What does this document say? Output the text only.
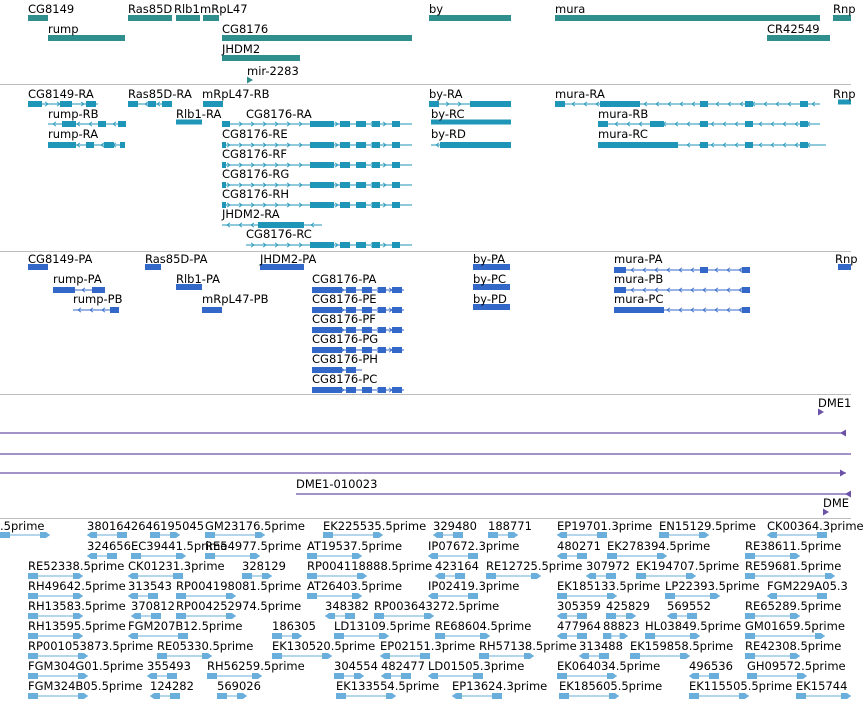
CG8149	Ras85D Rlb1 mRpL47	by	mura	Rnp
rump	CG8176	CR42549
JHDM2
mir-2283
CG8149-RA	Ras85D-RA mRpL47-RB	by-RA	mura-RA	Rnp
rump-RB	Rlb1-RA CG8176-RA	by-RC	mura-RB
rump-RA	CG8176-RE	by-RD	mura-RC
CG8176-RF
CG8176-RG
CG8176-RH
JHDM2-RA
CG8176-RC
CG8149-PA	Ras85D-PA	JHDM2-PA	by-PA	mura-PA	Rnp
rump-PA	Rlb1-PA	CG8176-PA	by-PC	mura-PB
rump-PB	mRpL47-PB	CG8176-PE	by-PD	mura-PC
CG8176-PF
CG8176-PG
CG8176-PH
CG8176-PC
DME1
DME1-010023
DME
.5prime	3801642646195045 GM23176.5prime EK225535.5prime 329480 188771 EP19701.3prime EN15129.5prime CK00364.3prime
324656 EC39441.5prime
RE54977.5prime AT19537.5prime IP07672.3prime	480271 EK278394.5prime	RE38611.5prime
RE52338.5prime CK01231.3prime 328129 RP004118888.5prime 423164 RE12725.5prime 307972 EK194707.5prime RE59681.5prime
RH49642.5prime 313543 RP004198081.5prime AT26403.5prime IP02419.3prime	EK185133.5prime LP22393.5prime FGM229A05.3
RH13583.5prime 370812 RP004252974.5prime 348382 RP003643272.5prime	305359 425829 569552	RE65289.5prime
RH13595.5prime FGM207B12.5prime	186305 LD13109.5prime RE68604.5prime 477964 88823 HL03849.5prime GM01659.5prime
RP001053873.5prime RE05330.5prime EK130520.5prime EP02151.3prime RH57138.5prime 313488 EK159858.5prime RE42308.5prime
FGM304G01.5prime 355493 RH56259.5prime	304554 482477 LD01505.3prime	EK064034.5prime	496536 GH09572.5prime
FGM324B05.5prime 124282 569026	EK133554.5prime EP13624.3prime EK185605.5prime EK115505.5prime EK15744
